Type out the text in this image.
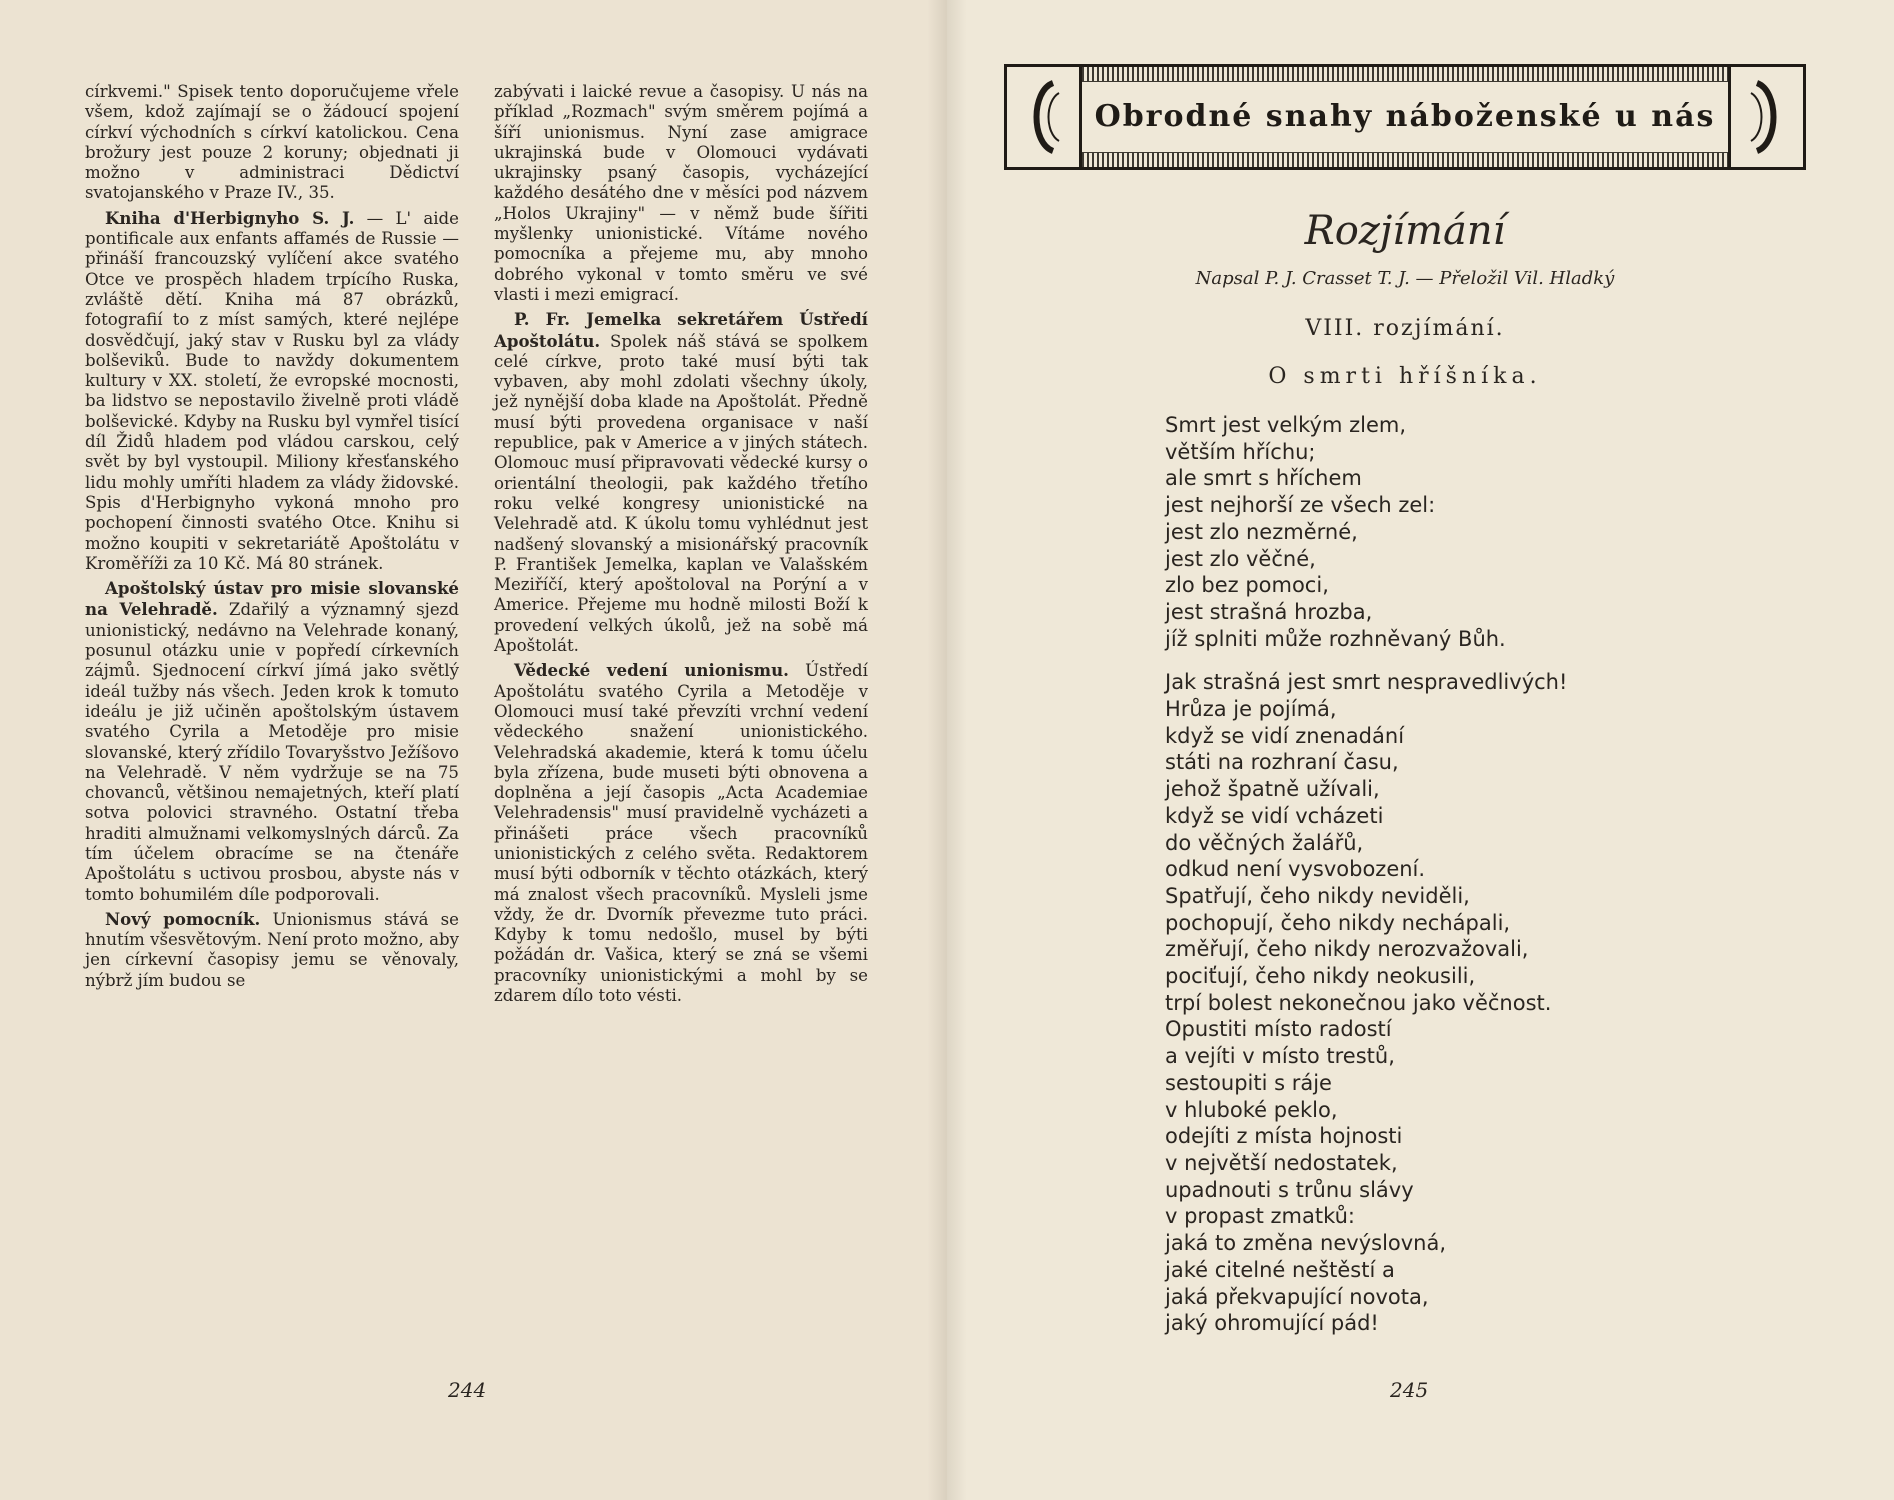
církvemi." Spisek tento doporučujeme vřele všem, kdož zajímají se o žádoucí spojení církví východních s církví katolickou. Cena brožury jest pouze 2 koruny; objednati ji možno v administraci Dědictví svatojanského v Praze IV., 35.

Kniha d'Herbignyho S. J. — L' aide pontificale aux enfants affamés de Russie — přináší francouzský vylíčení akce svatého Otce ve prospěch hladem trpícího Ruska, zvláště dětí. Kniha má 87 obrázků, fotografií to z míst samých, které nejlépe dosvědčují, jaký stav v Rusku byl za vlády bolševiků. Bude to navždy dokumentem kultury v XX. století, že evropské mocnosti, ba lidstvo se nepostavilo živelně proti vládě bolševické. Kdyby na Rusku byl vymřel tisící díl Židů hladem pod vládou carskou, celý svět by byl vystoupil. Miliony křesťanského lidu mohly umříti hladem za vlády židovské. Spis d'Herbignyho vykoná mnoho pro pochopení činnosti svatého Otce. Knihu si možno koupiti v sekretariátě Apoštolátu v Kroměříži za 10 Kč. Má 80 stránek.

Apoštolský ústav pro misie slovanské na Velehradě. Zdařilý a významný sjezd unionistický, nedávno na Velehrade konaný, posunul otázku unie v popředí církevních zájmů. Sjednocení církví jímá jako světlý ideál tužby nás všech. Jeden krok k tomuto ideálu je již učiněn apoštolským ústavem svatého Cyrila a Metoděje pro misie slovanské, který zřídilo Tovaryšstvo Ježíšovo na Velehradě. V něm vydržuje se na 75 chovanců, většinou nemajetných, kteří platí sotva polovici stravného. Ostatní třeba hraditi almužnami velkomyslných dárců. Za tím účelem obracíme se na čtenáře Apoštolátu s uctivou prosbou, abyste nás v tomto bohumilém díle podporovali.

Nový pomocník. Unionismus stává se hnutím všesvětovým. Není proto možno, aby jen církevní časopisy jemu se věnovaly, nýbrž jím budou se

zabývati i laické revue a časopisy. U nás na příklad „Rozmach" svým směrem pojímá a šíří unionismus. Nyní zase amigrace ukrajinská bude v Olomouci vydávati ukrajinsky psaný časopis, vycházející každého desátého dne v měsíci pod názvem „Holos Ukrajiny" — v němž bude šířiti myšlenky unionistické. Vítáme nového pomocníka a přejeme mu, aby mnoho dobrého vykonal v tomto směru ve své vlasti i mezi emigrací.

P. Fr. Jemelka sekretářem Ústředí Apoštolátu. Spolek náš stává se spolkem celé církve, proto také musí býti tak vybaven, aby mohl zdolati všechny úkoly, jež nynější doba klade na Apoštolát. Předně musí býti provedena organisace v naší republice, pak v Americe a v jiných státech. Olomouc musí připravovati vědecké kursy o orientální theologii, pak každého třetího roku velké kongresy unionistické na Velehradě atd. K úkolu tomu vyhlédnut jest nadšený slovanský a misionářský pracovník P. František Jemelka, kaplan ve Valašském Meziříčí, který apoštoloval na Porýní a v Americe. Přejeme mu hodně milosti Boží k provedení velkých úkolů, jež na sobě má Apoštolát.

Vědecké vedení unionismu. Ústředí Apoštolátu svatého Cyrila a Metoděje v Olomouci musí také převzíti vrchní vedení vědeckého snažení unionistického. Velehradská akademie, která k tomu účelu byla zřízena, bude museti býti obnovena a doplněna a její časopis „Acta Academiae Velehradensis" musí pravidelně vycházeti a přinášeti práce všech pracovníků unionistických z celého světa. Redaktorem musí býti odborník v těchto otázkách, který má znalost všech pracovníků. Mysleli jsme vždy, že dr. Dvorník převezme tuto práci. Kdyby k tomu nedošlo, musel by býti požádán dr. Vašica, který se zná se všemi pracovníky unionistickými a mohl by se zdarem dílo toto vésti.

244
Obrodné snahy náboženské u nás
Rozjímání
Napsal P. J. Crasset T. J. — Přeložil Vil. Hladký
VIII. rozjímání.
O smrti hříšníka.
Smrt jest velkým zlem,
větším hříchu;
ale smrt s hříchem
jest nejhorší ze všech zel:
jest zlo nezměrné,
jest zlo věčné,
zlo bez pomoci,
jest strašná hrozba,
jíž splniti může rozhněvaný Bůh.
Jak strašná jest smrt nespravedlivých!
Hrůza je pojímá,
když se vidí znenadání
státi na rozhraní času,
jehož špatně užívali,
když se vidí vcházeti
do věčných žalářů,
odkud není vysvobození.
Spatřují, čeho nikdy neviděli,
pochopují, čeho nikdy nechápali,
změřují, čeho nikdy nerozvažovali,
pociťují, čeho nikdy neokusili,
trpí bolest nekonečnou jako věčnost.
Opustiti místo radostí
a vejíti v místo trestů,
sestoupiti s ráje
v hluboké peklo,
odejíti z místa hojnosti
v největší nedostatek,
upadnouti s trůnu slávy
v propast zmatků:
jaká to změna nevýslovná,
jaké citelné neštěstí a
jaká překvapující novota,
jaký ohromující pád!
245
